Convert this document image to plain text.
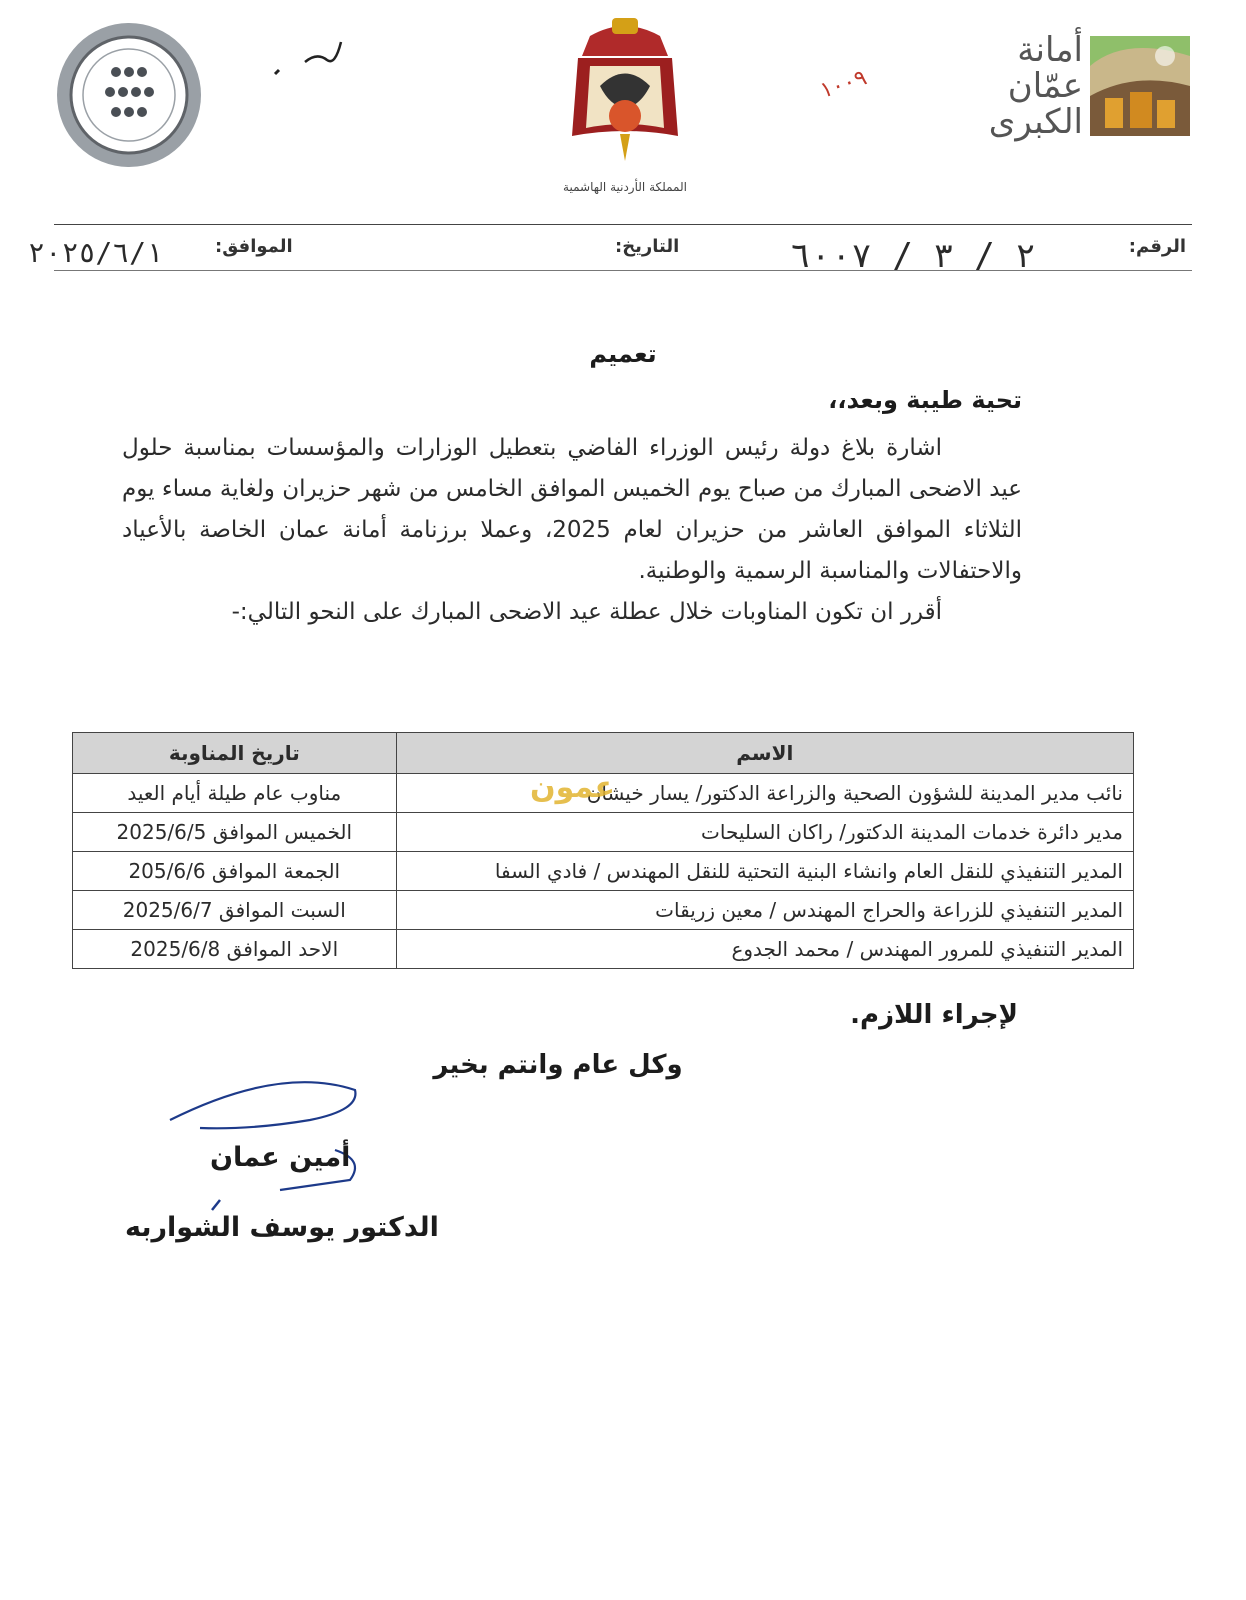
أمانة
عمّان
الكبرى
المملكة الأردنية الهاشمية
١٠٠٩
الرقم:
٢ / ٣ / ٦٠٠٧
التاريخ:
الموافق:
٢٠٢٥/٦/١
تعميم
تحية طيبة وبعد،،

اشارة بلاغ دولة رئيس الوزراء الفاضي بتعطيل الوزارات والمؤسسات بمناسبة حلول عيد الاضحى المبارك من صباح يوم الخميس الموافق الخامس من شهر حزيران ولغاية مساء يوم الثلاثاء الموافق العاشر من حزيران لعام 2025، وعملا برزنامة أمانة عمان الخاصة بالأعياد والاحتفالات والمناسبة الرسمية والوطنية.

أقرر ان تكون المناوبات خلال عطلة عيد الاضحى المبارك على النحو التالي:-

الاسم	تاريخ المناوبة
نائب مدير المدينة للشؤون الصحية والزراعة الدكتور/ يسار خيشان	مناوب عام طيلة أيام العيد
مدير دائرة خدمات المدينة الدكتور/ راكان السليحات	الخميس الموافق 2025/6/5
المدير التنفيذي للنقل العام وانشاء البنية التحتية للنقل المهندس / فادي السفا	الجمعة الموافق 205/6/6
المدير التنفيذي للزراعة والحراج المهندس / معين زريقات	السبت الموافق 2025/6/7
المدير التنفيذي للمرور المهندس / محمد الجدوع	الاحد الموافق 2025/6/8
عمون
لإجراء اللازم.
وكل عام وانتم بخير
أمين عمان
الدكتور يوسف الشواربه
